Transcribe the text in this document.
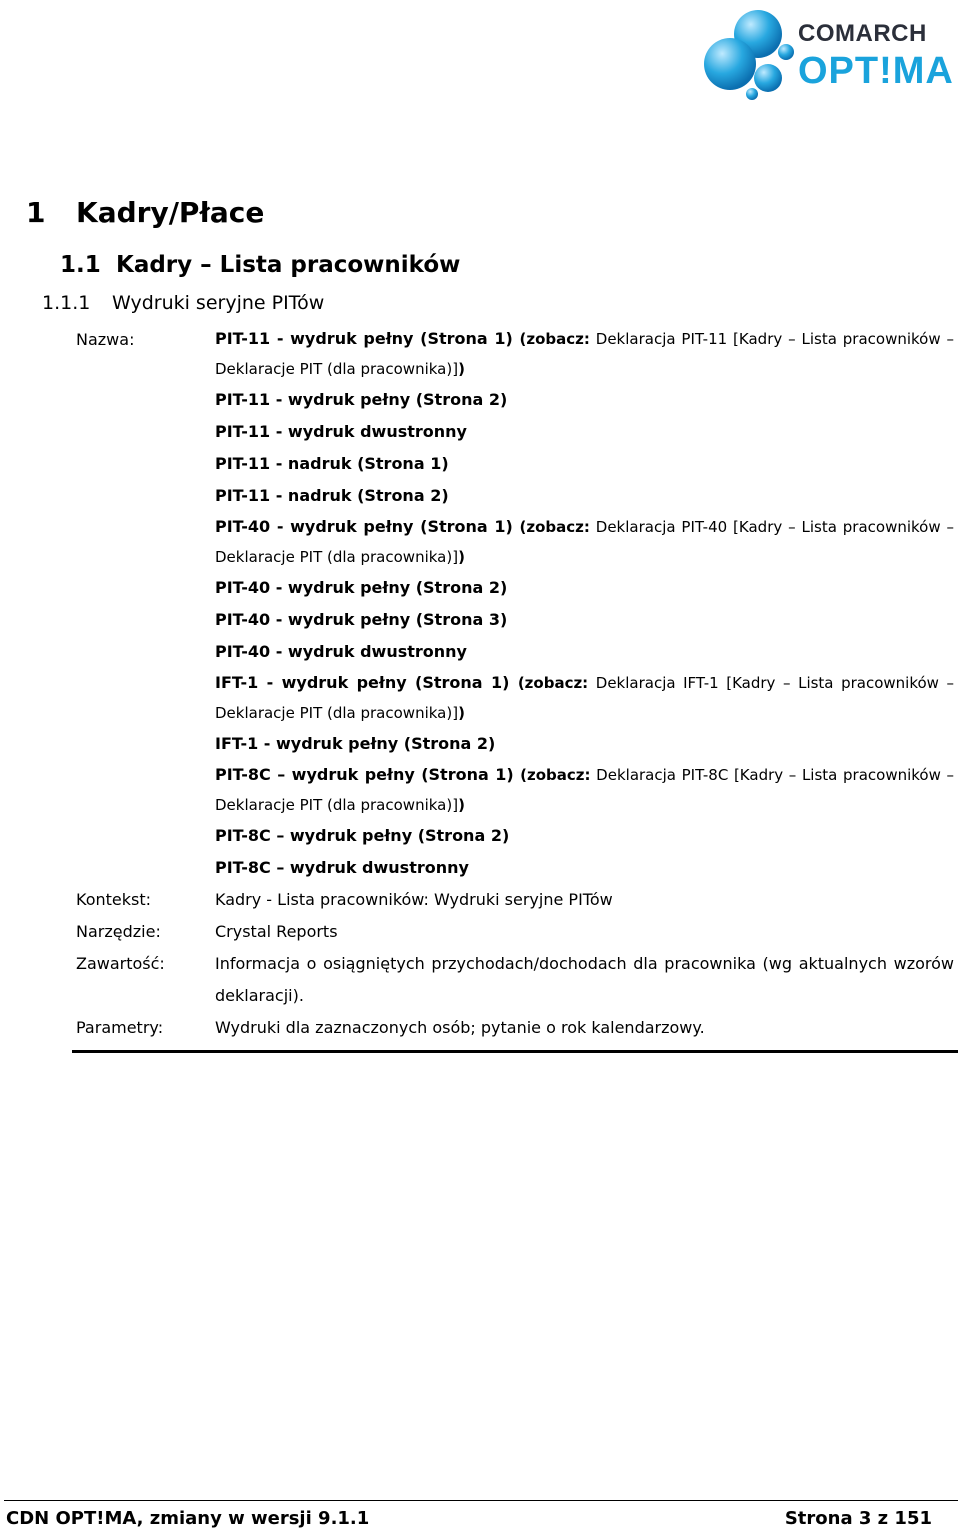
COMARCH
OPT!MA
1 Kadry/Płace
1.1 Kadry – Lista pracowników
1.1.1 Wydruki seryjne PITów
Nazwa:	PIT-11 - wydruk pełny (Strona 1) (zobacz: Deklaracja PIT-11 [Kadry – Lista pracowników – Deklaracje PIT (dla pracownika)])
PIT-11 - wydruk pełny (Strona 2)
PIT-11 - wydruk dwustronny
PIT-11 - nadruk (Strona 1)
PIT-11 - nadruk (Strona 2)
PIT-40 - wydruk pełny (Strona 1) (zobacz: Deklaracja PIT-40 [Kadry – Lista pracowników – Deklaracje PIT (dla pracownika)])
PIT-40 - wydruk pełny (Strona 2)
PIT-40 - wydruk pełny (Strona 3)
PIT-40 - wydruk dwustronny
IFT-1 - wydruk pełny (Strona 1) (zobacz: Deklaracja IFT-1 [Kadry – Lista pracowników – Deklaracje PIT (dla pracownika)])
IFT-1 - wydruk pełny (Strona 2)
PIT-8C – wydruk pełny (Strona 1) (zobacz: Deklaracja PIT-8C [Kadry – Lista pracowników – Deklaracje PIT (dla pracownika)])
PIT-8C – wydruk pełny (Strona 2)
PIT-8C – wydruk dwustronny
Kontekst:	Kadry - Lista pracowników: Wydruki seryjne PITów
Narzędzie:	Crystal Reports
Zawartość:	Informacja o osiągniętych przychodach/dochodach dla pracownika (wg aktualnych wzorów deklaracji).
Parametry:	Wydruki dla zaznaczonych osób; pytanie o rok kalendarzowy.
CDN OPT!MA, zmiany w wersji 9.1.1	Strona 3 z 151
